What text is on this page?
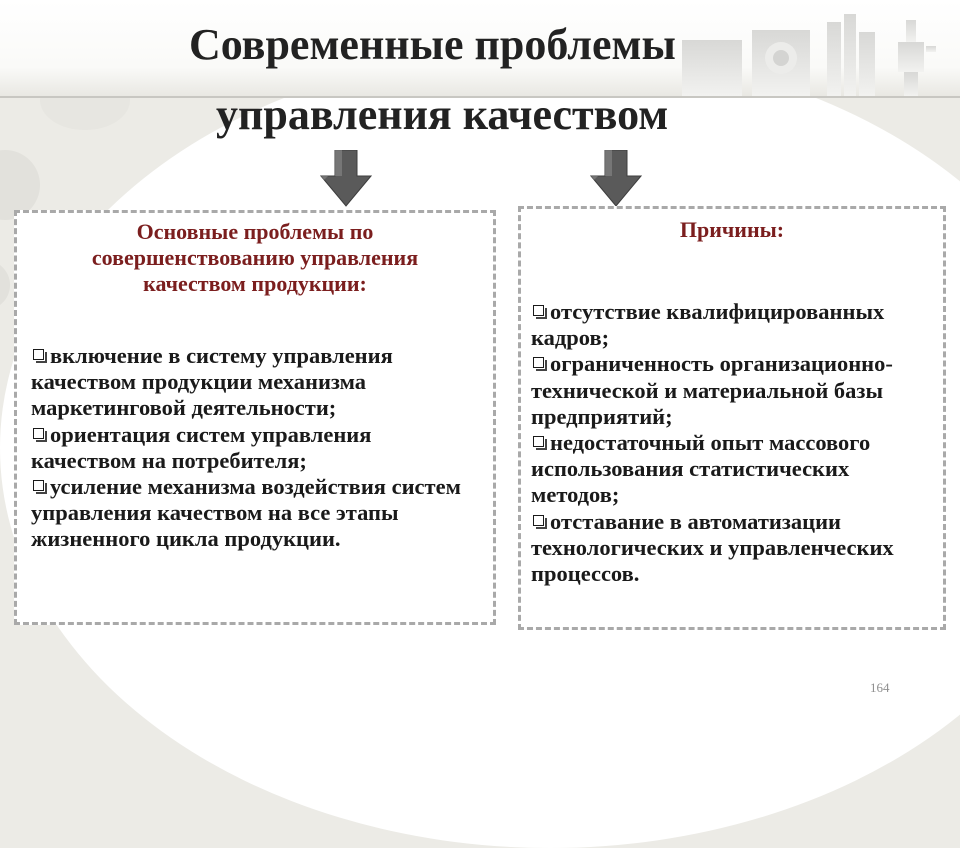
Современные проблемы
управления качеством
Основные проблемы по совершенствованию управления качеством продукции:
включение в систему управления качеством продукции механизма маркетинговой деятельности;
ориентация систем управления качеством на потребителя;
усиление механизма воздействия систем управления качеством на все этапы жизненного цикла продукции.
Причины:
отсутствие квалифицированных кадров;
ограниченность организационно-технической и материальной базы предприятий;
недостаточный опыт массового использования статистических методов;
отставание в автоматизации технологических и управленческих процессов.
164
